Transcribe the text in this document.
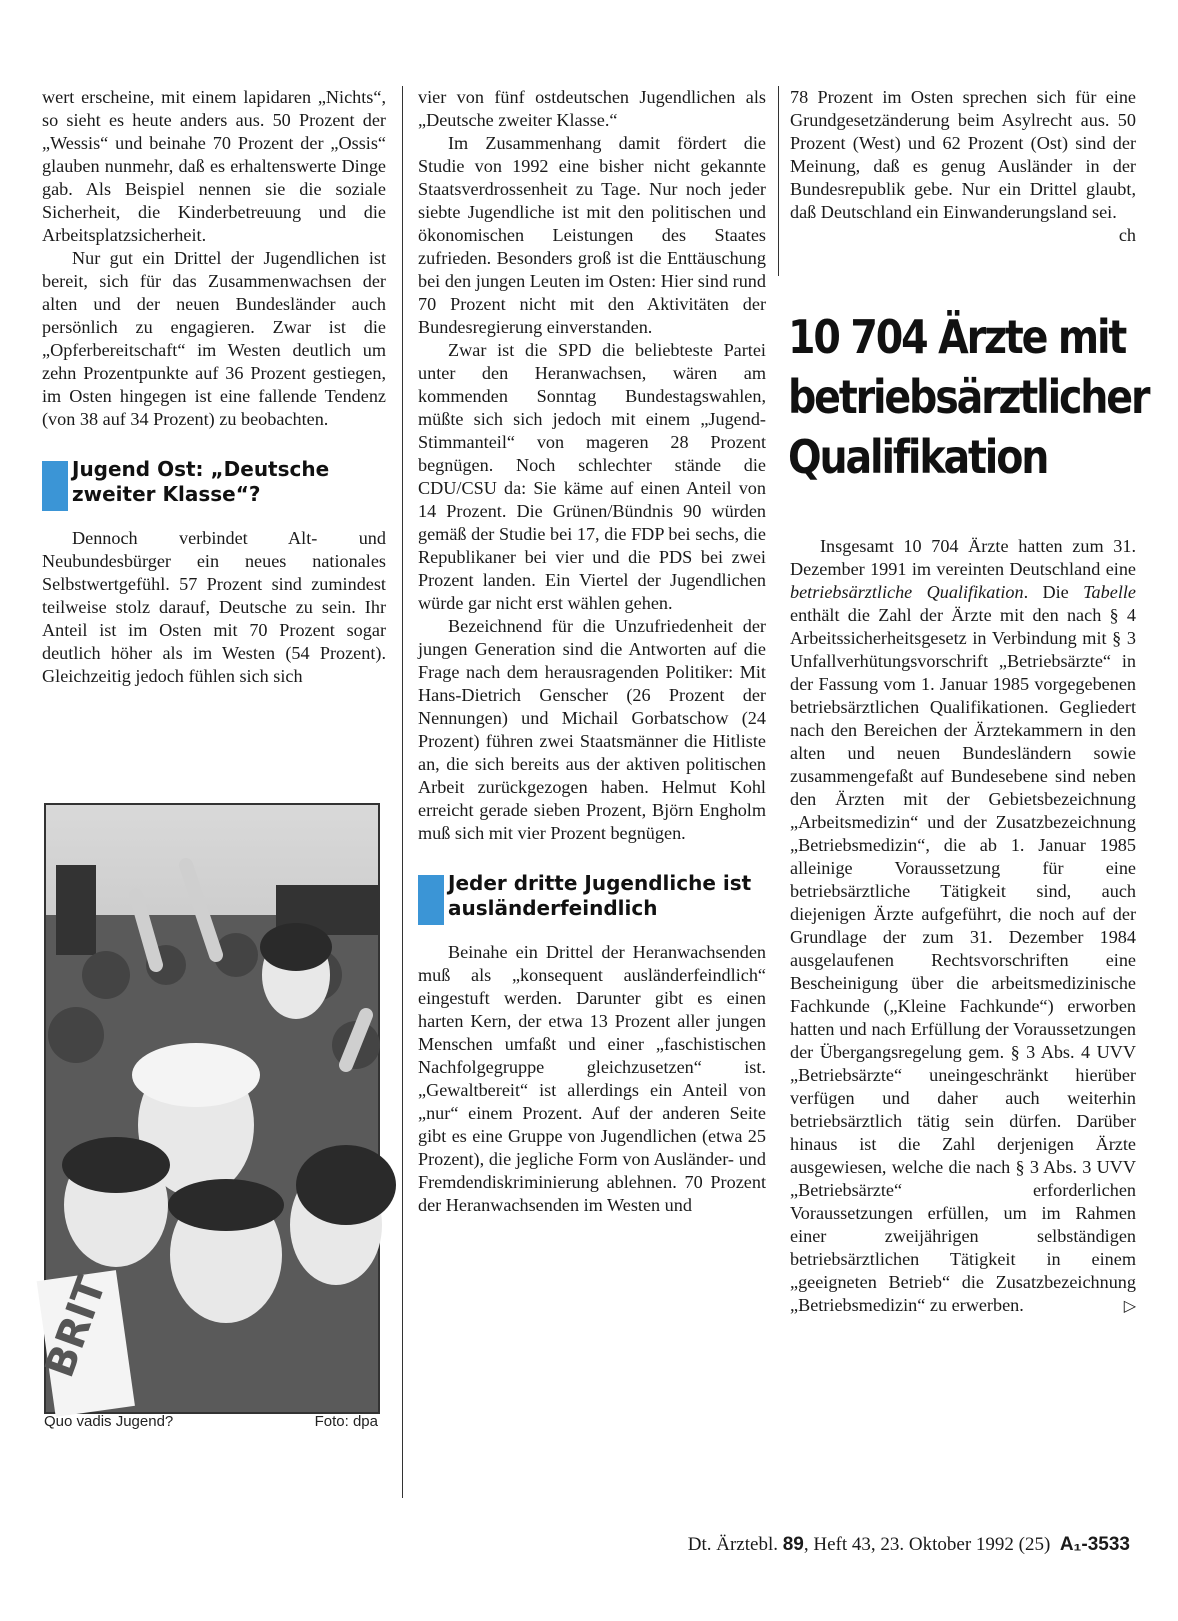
wert erscheine, mit einem lapidaren „Nichts“, so sieht es heute anders aus. 50 Prozent der „Wessis“ und beinahe 70 Prozent der „Ossis“ glauben nunmehr, daß es erhaltenswerte Dinge gab. Als Beispiel nennen sie die soziale Sicherheit, die Kinderbetreuung und die Arbeitsplatzsicherheit.

Nur gut ein Drittel der Jugendlichen ist bereit, sich für das Zusammenwachsen der alten und der neuen Bundesländer auch persönlich zu engagieren. Zwar ist die „Opferbereitschaft“ im Westen deutlich um zehn Prozentpunkte auf 36 Prozent gestiegen, im Osten hingegen ist eine fallende Tendenz (von 38 auf 34 Prozent) zu beobachten.

Jugend Ost: „Deutsche zweiter Klasse“?

Dennoch verbindet Alt- und Neubundesbürger ein neues nationales Selbstwertgefühl. 57 Prozent sind zumindest teilweise stolz darauf, Deutsche zu sein. Ihr Anteil ist im Osten mit 70 Prozent sogar deutlich höher als im Westen (54 Prozent). Gleichzeitig jedoch fühlen sich sich

BRIT
Quo vadis Jugend?	Foto: dpa

vier von fünf ostdeutschen Jugendlichen als „Deutsche zweiter Klasse.“

Im Zusammenhang damit fördert die Studie von 1992 eine bisher nicht gekannte Staatsverdrossenheit zu Tage. Nur noch jeder siebte Jugendliche ist mit den politischen und ökonomischen Leistungen des Staates zufrieden. Besonders groß ist die Enttäuschung bei den jungen Leuten im Osten: Hier sind rund 70 Prozent nicht mit den Aktivitäten der Bundesregierung einverstanden.

Zwar ist die SPD die beliebteste Partei unter den Heranwachsen, wären am kommenden Sonntag Bundestagswahlen, müßte sich sich jedoch mit einem „Jugend-Stimmanteil“ von mageren 28 Prozent begnügen. Noch schlechter stände die CDU/CSU da: Sie käme auf einen Anteil von 14 Prozent. Die Grünen/Bündnis 90 würden gemäß der Studie bei 17, die FDP bei sechs, die Republikaner bei vier und die PDS bei zwei Prozent landen. Ein Viertel der Jugendlichen würde gar nicht erst wählen gehen.

Bezeichnend für die Unzufriedenheit der jungen Generation sind die Antworten auf die Frage nach dem herausragenden Politiker: Mit Hans-Dietrich Genscher (26 Prozent der Nennungen) und Michail Gorbatschow (24 Prozent) führen zwei Staatsmänner die Hitliste an, die sich bereits aus der aktiven politischen Arbeit zurückgezogen haben. Helmut Kohl erreicht gerade sieben Prozent, Björn Engholm muß sich mit vier Prozent begnügen.

Jeder dritte Jugendliche ist ausländerfeindlich

Beinahe ein Drittel der Heranwachsenden muß als „konsequent ausländerfeindlich“ eingestuft werden. Darunter gibt es einen harten Kern, der etwa 13 Prozent aller jungen Menschen umfaßt und einer „faschistischen Nachfolgegruppe gleichzusetzen“ ist. „Gewaltbereit“ ist allerdings ein Anteil von „nur“ einem Prozent. Auf der anderen Seite gibt es eine Gruppe von Jugendlichen (etwa 25 Prozent), die jegliche Form von Ausländer- und Fremdendiskriminierung ablehnen. 70 Prozent der Heranwachsenden im Westen und

78 Prozent im Osten sprechen sich für eine Grundgesetzänderung beim Asylrecht aus. 50 Prozent (West) und 62 Prozent (Ost) sind der Meinung, daß es genug Ausländer in der Bundesrepublik gebe. Nur ein Drittel glaubt, daß Deutschland ein Einwanderungsland sei.

ch
10 704 Ärzte mit betriebsärztlicher Qualifikation

Insgesamt 10 704 Ärzte hatten zum 31. Dezember 1991 im vereinten Deutschland eine betriebsärztliche Qualifikation. Die Tabelle enthält die Zahl der Ärzte mit den nach § 4 Arbeitssicherheitsgesetz in Verbindung mit § 3 Unfallverhütungsvorschrift „Betriebsärzte“ in der Fassung vom 1. Januar 1985 vorgegebenen betriebsärztlichen Qualifikationen. Gegliedert nach den Bereichen der Ärztekammern in den alten und neuen Bundesländern sowie zusammengefaßt auf Bundesebene sind neben den Ärzten mit der Gebietsbezeichnung „Arbeitsmedizin“ und der Zusatzbezeichnung „Betriebsmedizin“, die ab 1. Januar 1985 alleinige Voraussetzung für eine betriebsärztliche Tätigkeit sind, auch diejenigen Ärzte aufgeführt, die noch auf der Grundlage der zum 31. Dezember 1984 ausgelaufenen Rechtsvorschriften eine Bescheinigung über die arbeitsmedizinische Fachkunde („Kleine Fachkunde“) erworben hatten und nach Erfüllung der Voraussetzungen der Übergangsregelung gem. § 3 Abs. 4 UVV „Betriebsärzte“ uneingeschränkt hierüber verfügen und daher auch weiterhin betriebsärztlich tätig sein dürfen. Darüber hinaus ist die Zahl derjenigen Ärzte ausgewiesen, welche die nach § 3 Abs. 3 UVV „Betriebsärzte“ erforderlichen Voraussetzungen erfüllen, um im Rahmen einer zweijährigen selbständigen betriebsärztlichen Tätigkeit in einem „geeigneten Betrieb“ die Zusatzbezeichnung „Betriebsmedizin“ zu erwerben.	▷

Dt. Ärztebl. 89, Heft 43, 23. Oktober 1992 (25) A₁-3533
